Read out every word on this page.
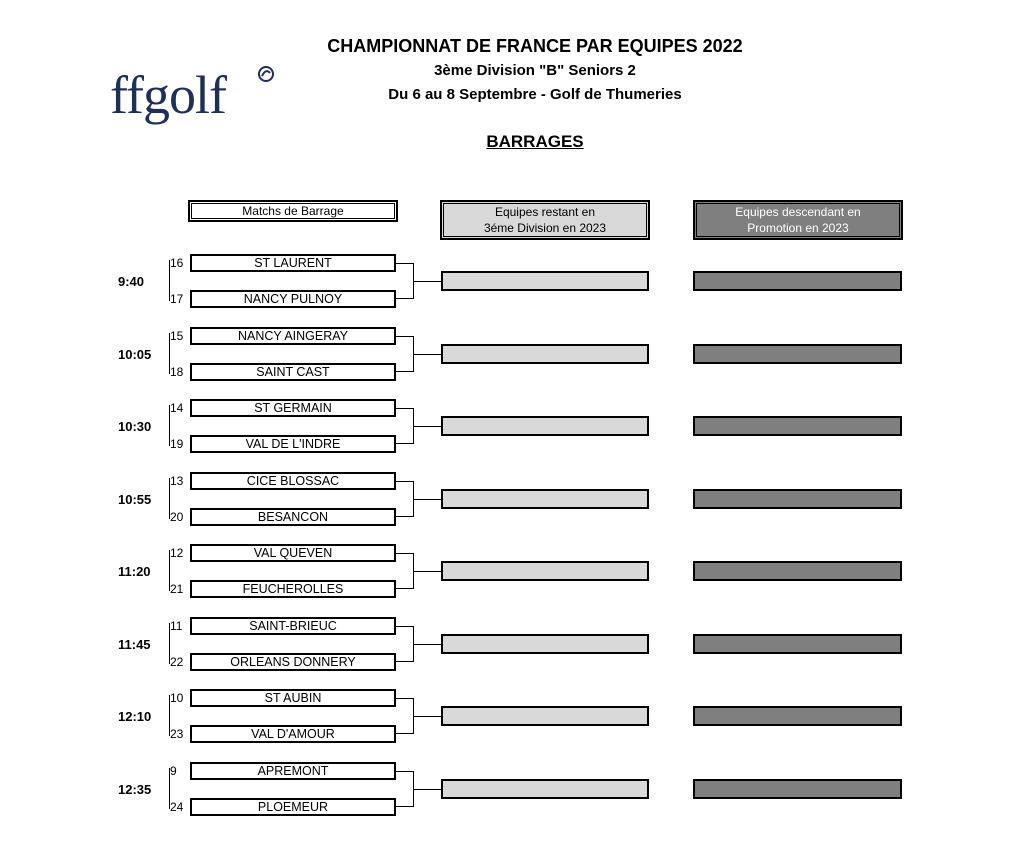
ffgolf
CHAMPIONNAT DE FRANCE PAR EQUIPES 2022
3ème Division "B" Seniors 2
Du 6 au 8 Septembre - Golf de Thumeries
BARRAGES
Matchs de Barrage	Equipes restant en
3éme Division en 2023
Equipes descendant en
Promotion en 2023
9:40
16
17
ST LAURENT
NANCY PULNOY
10:05
15
18
NANCY AINGERAY
SAINT CAST
10:30
14
19
ST GERMAIN
VAL DE L'INDRE
10:55
13
20
CICE BLOSSAC
BESANCON
11:20
12
21
VAL QUEVEN
FEUCHEROLLES
11:45
11
22
SAINT-BRIEUC
ORLEANS DONNERY
12:10
10
23
ST AUBIN
VAL D'AMOUR
12:35
9
24
APREMONT
PLOEMEUR
